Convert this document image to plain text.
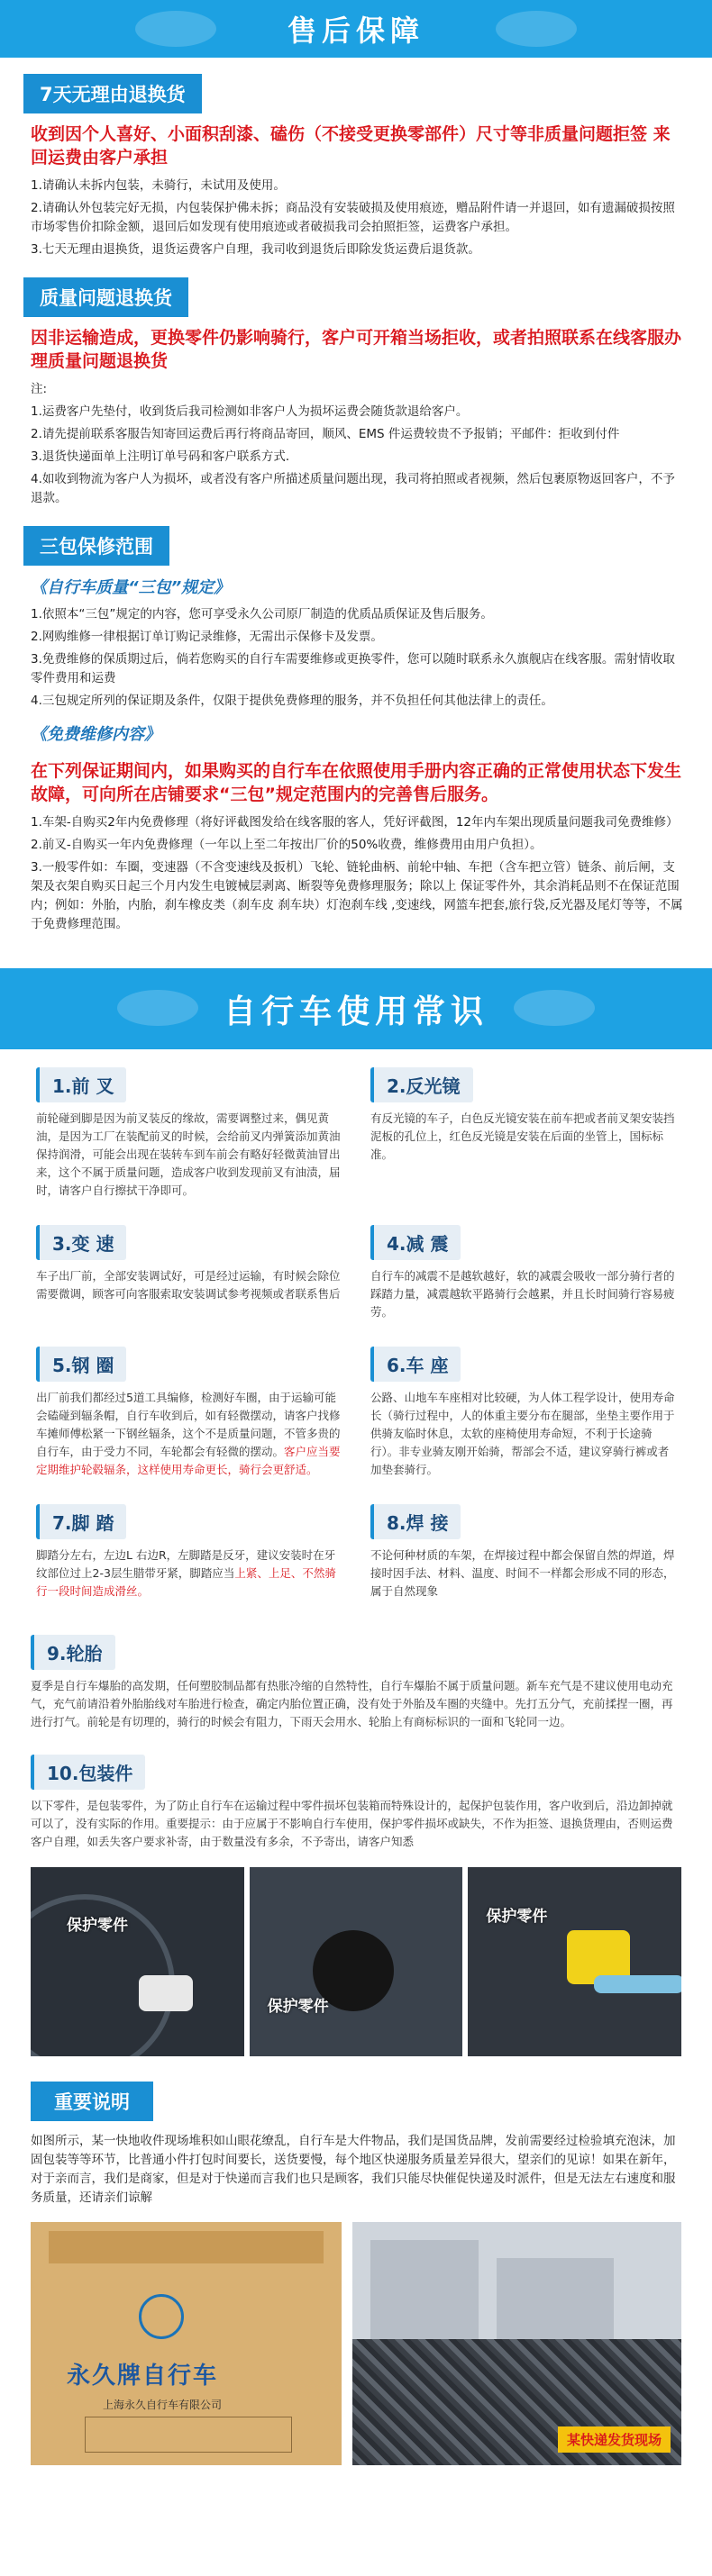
售后保障
7天无理由退换货
收到因个人喜好、小面积刮漆、磕伤（不接受更换零部件）尺寸等非质量问题拒签 来回运费由客户承担
1.请确认未拆内包装，未骑行，未试用及使用。
2.请确认外包装完好无损，内包装保护佛未拆；商品没有安装破损及使用痕迹，赠品附件请一并退回，如有遗漏破损按照市场零售价扣除金额，退回后如发现有使用痕迹或者破损我司会拍照拒签，运费客户承担。
3.七天无理由退换货，退货运费客户自理，我司收到退货后即除发货运费后退货款。
质量问题退换货
因非运输造成，更换零件仍影响骑行，客户可开箱当场拒收，或者拍照联系在线客服办理质量问题退换货
注:
1.运费客户先垫付，收到货后我司检测如非客户人为损坏运费会随货款退给客户。
2.请先提前联系客服告知寄回运费后再行将商品寄回，顺风、EMS 件运费较贵不予报销；平邮件：拒收到付件
3.退货快递面单上注明订单号码和客户联系方式．
4.如收到物流为客户人为损坏，或者没有客户所描述质量问题出现，我司将拍照或者视频，然后包裹原物返回客户，不予退款。
三包保修范围
《自行车质量“三包”规定》
1.依照本“三包”规定的内容，您可享受永久公司原厂制造的优质品质保证及售后服务。
2.网购维修一律根据订单订购记录维修，无需出示保修卡及发票。
3.免费维修的保质期过后，倘若您购买的自行车需要维修或更换零件，您可以随时联系永久旗舰店在线客服。需射情收取零件费用和运费
4.三包规定所列的保证期及条件，仅限于提供免费修理的服务，并不负担任何其他法律上的责任。
《免费维修内容》
在下列保证期间内，如果购买的自行车在依照使用手册内容正确的正常使用状态下发生故障，可向所在店铺要求“三包”规定范围内的完善售后服务。
1.车架-自购买2年内免费修理（将好评截图发给在线客服的客人，凭好评截图，12年内车架出现质量问题我司免费维修）
2.前叉-自购买一年内免费修理（一年以上至二年按出厂价的50%收费，维修费用由用户负担）。
3.一般零件如：车圈，变速器（不含变速线及扳机）飞轮、链轮曲柄、前轮中轴、车把（含车把立管）链条、前后闸，支架及衣架自购买日起三个月内发生电镀械层剥离、断裂等免费修理服务；除以上 保证零件外，其余消耗品则不在保证范围内；例如：外胎，内胎，刹车橡皮类（刹车皮 刹车块）灯泡刹车线 ,变速线，网篮车把套,旅行袋,反光器及尾灯等等，不属于免费修理范围。
自行车使用常识
1.前 叉
前轮碰到脚是因为前叉装反的缘故，需要调整过来，偶见黄油，是因为工厂在装配前叉的时候，会给前叉内弹簧添加黄油保持润滑，可能会出现在装转车到车前会有略好轻微黄油冒出来，这个不属于质量问题，造成客户收到发现前叉有油渍，届时，请客户自行擦拭干净即可。
2.反光镜
有反光镜的车子，白色反光镜安装在前车把或者前叉架安装挡泥板的孔位上，红色反光镜是安装在后面的坐管上，国标标准。
3.变 速
车子出厂前，全部安装调试好，可是经过运输，有时候会除位需要微调，顾客可向客服索取安装调试参考视频或者联系售后
4.减 震
自行车的减震不是越软越好，软的减震会吸收一部分骑行者的踩踏力量，减震越软平路骑行会越累，并且长时间骑行容易疲劳。
5.钢 圈
出厂前我们都经过5道工具编修，检测好车圈，由于运输可能会磕碰到辐条帽，自行车收到后，如有轻微摆动，请客户找修车摊师傅松紧一下钢丝辐条，这个不是质量问题，不管多贵的自行车，由于受力不同，车轮都会有轻微的摆动。客户应当要定期维护轮毂辐条，这样使用寿命更长，骑行会更舒适。
6.车 座
公路、山地车车座相对比较硬，为人体工程学设计，使用寿命长（骑行过程中，人的体重主要分布在腿部，坐垫主要作用于供骑友临时休息，太软的座椅使用寿命短，不利于长途骑行）。非专业骑友刚开始骑，帮部会不适，建议穿骑行裤或者加垫套骑行。
7.脚 踏
脚踏分左右，左边L 右边R，左脚踏是反牙，建议安装时在牙纹部位过上2-3层生腊带牙紧，脚踏应当上紧、上足、不然骑行一段时间造成滑丝。
8.焊 接
不论何种材质的车架，在焊接过程中都会保留自然的焊道，焊接时因手法、材料、温度、时间不一样都会形成不同的形态，属于自然现象
9.轮胎
夏季是自行车爆胎的高发期，任何塑胶制品都有热胀冷缩的自然特性，自行车爆胎不属于质量问题。新车充气是不建议使用电动充气，充气前请沿着外胎胎线对车胎进行检查，确定内胎位置正确，没有处于外胎及车圈的夹缝中。先打五分气，充前揉捏一圈，再进行打气。前轮是有切理的，骑行的时候会有阻力，下雨天会用水、轮胎上有商标标识的一面和飞轮同一边。
10.包装件
以下零件，是包装零件，为了防止自行车在运输过程中零件损坏包装箱而特殊设计的，起保护包装作用，客户收到后，沿边卸掉就可以了，没有实际的作用。重要提示：由于应属于不影响自行车使用，保护零件损坏或缺失，不作为拒签、退换货理由，否则运费客户自理，如丢失客户要求补寄，由于数量没有多余，不予寄出，请客户知悉
保护零件
保护零件
保护零件
重要说明
如图所示，某一快地收件现场堆积如山眼花缭乱，自行车是大件物品，我们是国货品牌，发前需要经过检验填充泡沫，加固包装等等环节，比普通小件打包时间要长，送货要慢，每个地区快递服务质量差异很大，望亲们的见谅！如果在新年，对于亲而言，我们是商家，但是对于快递而言我们也只是顾客，我们只能尽快催促快递及时派件，但是无法左右速度和服务质量，还请亲们谅解
永久牌自行车
上海永久自行车有限公司
某快递发货现场
